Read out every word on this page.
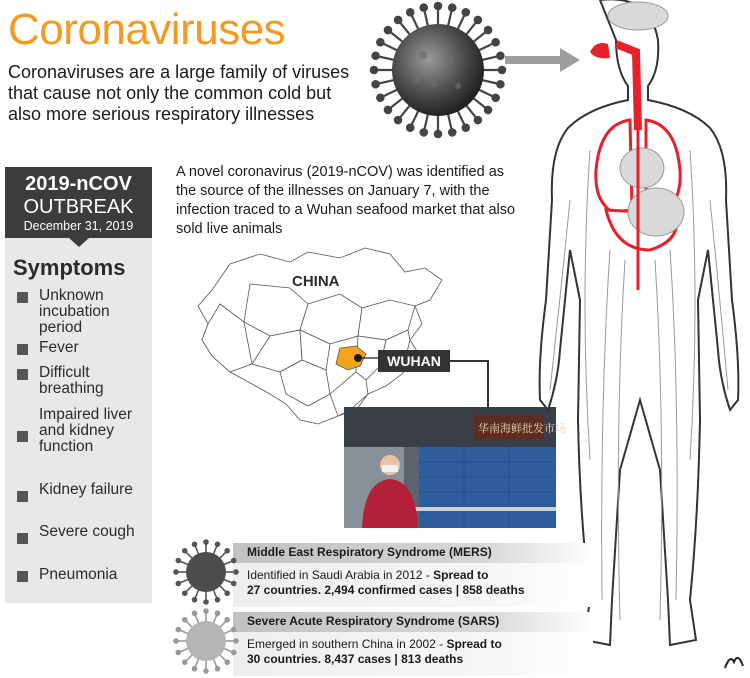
Coronaviruses
Coronaviruses are a large family of viruses that cause not only the common cold but also more serious respiratory illnesses
A novel coronavirus (2019-nCOV) was identified as the source of the illnesses on January 7, with the infection traced to a Wuhan seafood market that also sold live animals
2019-nCOV
OUTBREAK
December 31, 2019
Symptoms
Unknown incubation period
Fever
Difficult breathing
Impaired liver and kidney function
Kidney failure
Severe cough
Pneumonia
CHINA
WUHAN
华南海鲜批发市场
Middle East Respiratory Syndrome (MERS)
Identified in Saudi Arabia in 2012 - Spread to
27 countries. 2,494 confirmed cases | 858 deaths
Severe Acute Respiratory Syndrome (SARS)
Emerged in southern China in 2002 - Spread to
30 countries. 8,437 cases | 813 deaths
